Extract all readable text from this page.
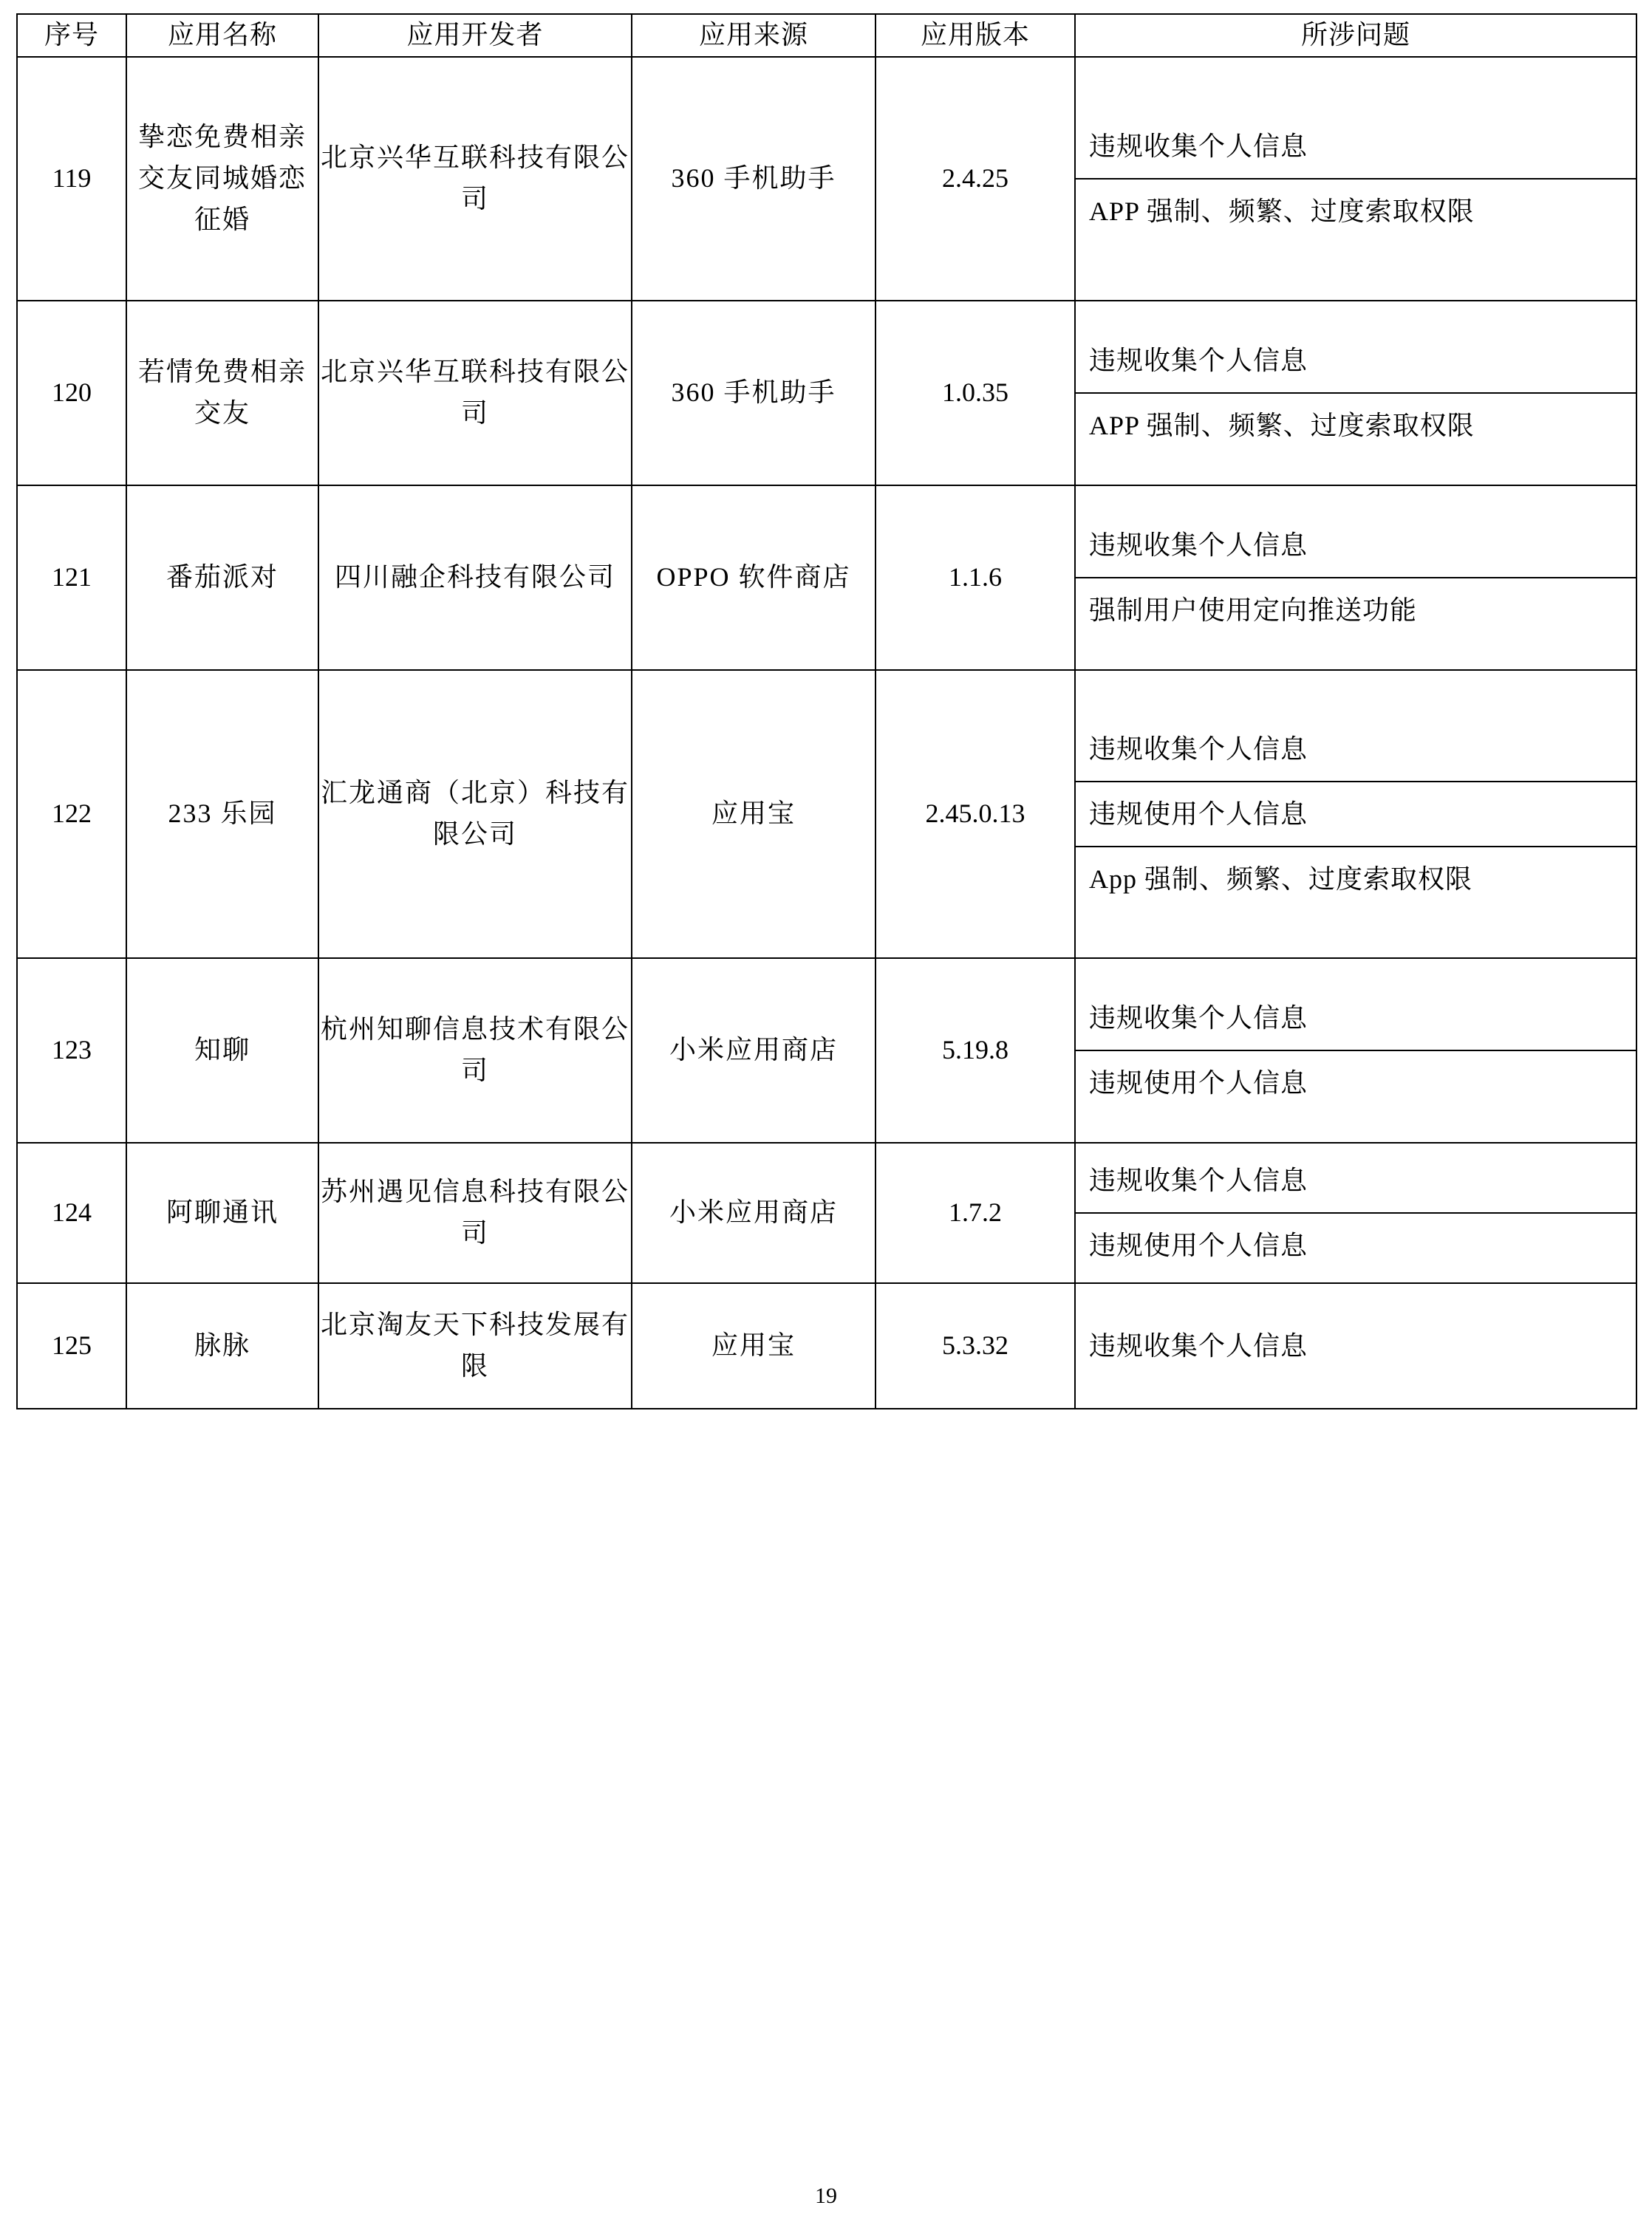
序号	应用名称	应用开发者	应用来源	应用版本	所涉问题
119	挚恋免费相亲交友同城婚恋征婚	北京兴华互联科技有限公司	360 手机助手	2.4.25	违规收集个人信息
APP 强制、频繁、过度索取权限

120	若情免费相亲交友	北京兴华互联科技有限公司	360 手机助手	1.0.35	违规收集个人信息
APP 强制、频繁、过度索取权限

121	番茄派对	四川融企科技有限公司	OPPO 软件商店	1.1.6	违规收集个人信息
强制用户使用定向推送功能

122	233 乐园	汇龙通商（北京）科技有限公司	应用宝	2.45.0.13	违规收集个人信息
违规使用个人信息
App 强制、频繁、过度索取权限

123	知聊	杭州知聊信息技术有限公司	小米应用商店	5.19.8	违规收集个人信息
违规使用个人信息

124	阿聊通讯	苏州遇见信息科技有限公司	小米应用商店	1.7.2	违规收集个人信息
违规使用个人信息

125	脉脉	北京淘友天下科技发展有限	应用宝	5.3.32	违规收集个人信息
19
